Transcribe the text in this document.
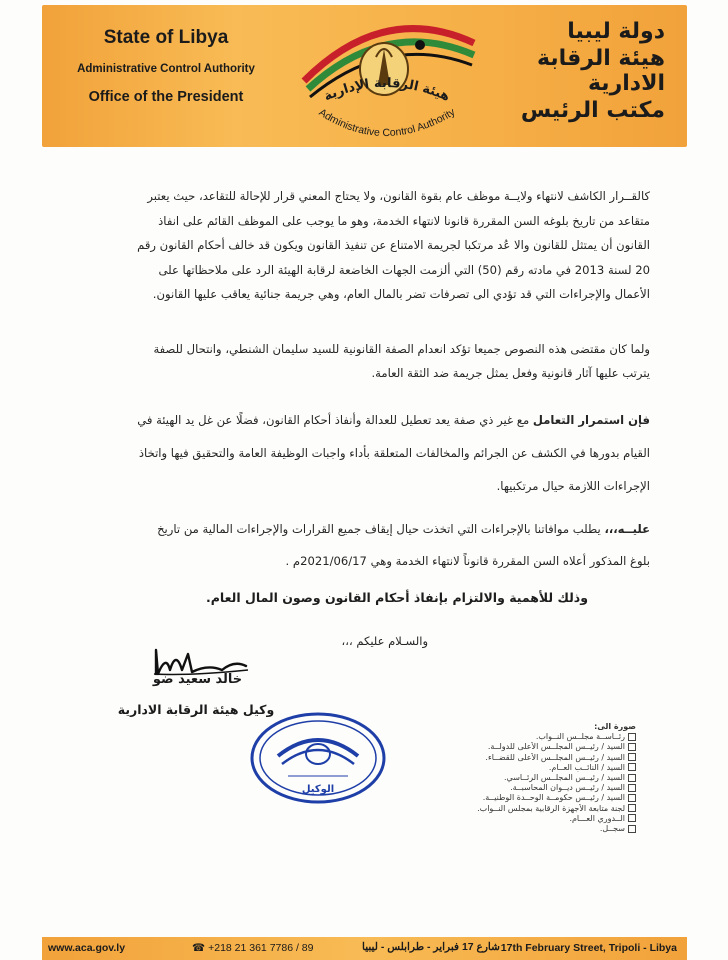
State of Libya
Administrative Control Authority
Office of the President	هيئة الرقابة الإدارية
Administrative Control Authority
دولة ليبيا
هيئة الرقابة الادارية
مكتب الرئيس
كالقــرار الكاشف لانتهاء ولايــة موظف عام بقوة القانون، ولا يحتاج المعني قرار للإحالة للتقاعد، حيث يعتبر
متقاعد من تاريخ بلوغه السن المقررة قانونا لانتهاء الخدمة، وهو ما يوجب على الموظف القائم على انفاذ
القانون أن يمتثل للقانون والا عُد مرتكبا لجريمة الامتناع عن تنفيذ القانون ويكون قد خالف أحكام القانون رقم
20 لسنة 2013 في مادته رقم (50) التي ألزمت الجهات الخاضعة لرقابة الهيئة الرد على ملاحظاتها على
الأعمال والإجراءات التي قد تؤدي الى تصرفات تضر بالمال العام، وهي جريمة جنائية يعاقب عليها القانون.
ولما كان مقتضى هذه النصوص جميعا تؤكد انعدام الصفة القانونية للسيد سليمان الشنطي، وانتحال للصفة
يترتب عليها آثار قانونية وفعل يمثل جريمة ضد الثقة العامة.
فإن استمرار التعامل مع غير ذي صفة يعد تعطيل للعدالة وأنفاذ أحكام القانون، فضلًا عن غل يد الهيئة في
القيام بدورها في الكشف عن الجرائم والمخالفات المتعلقة بأداء واجبات الوظيفة العامة والتحقيق فيها واتخاذ
الإجراءات اللازمة حيال مرتكبيها.
عليــه،،، يطلب موافاتنا بالإجراءات التي اتخذت حيال إيقاف جميع القرارات والإجراءات المالية من تاريخ
بلوغ المذكور أعلاه السن المقررة قانوناً لانتهاء الخدمة وهي 2021/06/17م .
وذلك للأهمية والالتزام بإنفاذ أحكام القانون وصون المال العام.
والسـلام عليكم ،،،
خالد سعيد ضو
وكيل هيئة الرقابة الادارية
الوكيل
صورة الى:
رئــاســة مجلــس النــواب.
السيد / رئيــس المجلــس الأعلى للدولــة.
السيد / رئيــس المجلــس الأعلى للقضــاء.
السيد / النائــب العــام.
السيد / رئيــس المجلــس الرئــاسي.
السيد / رئيــس ديــوان المحاسبــة.
السيد / رئيــس حكومــة الوحــدة الوطنيــة.
لجنة متابعة الأجهزة الرقابية بمجلس النــواب.
الــدوري العـــام.
سجــل.
www.aca.gov.ly	☎ +218 21 361 7786 / 89	شارع 17 فبراير - طرابلس - ليبيا 17th February Street, Tripoli - Libya
